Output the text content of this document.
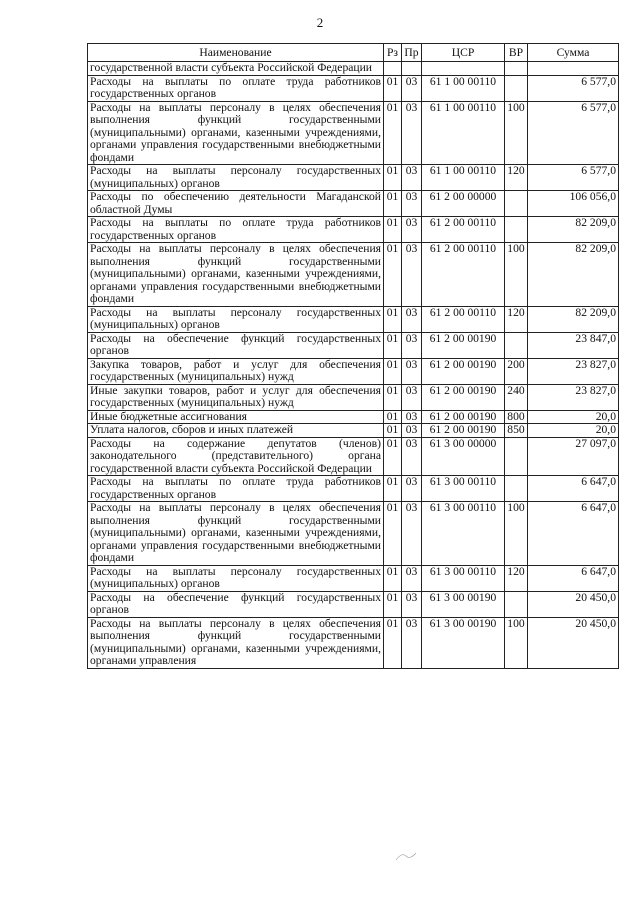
2
Наименование	Рз	Пр	ЦСР	ВР	Сумма
государственной власти субъекта Российской Федерации					
Расходы на выплаты по оплате труда работников государственных органов	01	03	61 1 00 00110		6 577,0
Расходы на выплаты персоналу в целях обеспечения выполнения функций государственными (муниципальными) органами, казенными учреждениями, органами управления государственными внебюджетными фондами	01	03	61 1 00 00110	100	6 577,0
Расходы на выплаты персоналу государственных (муниципальных) органов	01	03	61 1 00 00110	120	6 577,0
Расходы по обеспечению деятельности Магаданской областной Думы	01	03	61 2 00 00000		106 056,0
Расходы на выплаты по оплате труда работников государственных органов	01	03	61 2 00 00110		82 209,0
Расходы на выплаты персоналу в целях обеспечения выполнения функций государственными (муниципальными) органами, казенными учреждениями, органами управления государственными внебюджетными фондами	01	03	61 2 00 00110	100	82 209,0
Расходы на выплаты персоналу государственных (муниципальных) органов	01	03	61 2 00 00110	120	82 209,0
Расходы на обеспечение функций государственных органов	01	03	61 2 00 00190		23 847,0
Закупка товаров, работ и услуг для обеспечения государственных (муниципальных) нужд	01	03	61 2 00 00190	200	23 827,0
Иные закупки товаров, работ и услуг для обеспечения государственных (муниципальных) нужд	01	03	61 2 00 00190	240	23 827,0
Иные бюджетные ассигнования	01	03	61 2 00 00190	800	20,0
Уплата налогов, сборов и иных платежей	01	03	61 2 00 00190	850	20,0
Расходы на содержание депутатов (членов) законодательного (представительного) органа государственной власти субъекта Российской Федерации	01	03	61 3 00 00000		27 097,0
Расходы на выплаты по оплате труда работников государственных органов	01	03	61 3 00 00110		6 647,0
Расходы на выплаты персоналу в целях обеспечения выполнения функций государственными (муниципальными) органами, казенными учреждениями, органами управления государственными внебюджетными фондами	01	03	61 3 00 00110	100	6 647,0
Расходы на выплаты персоналу государственных (муниципальных) органов	01	03	61 3 00 00110	120	6 647,0
Расходы на обеспечение функций государственных органов	01	03	61 3 00 00190		20 450,0
Расходы на выплаты персоналу в целях обеспечения выполнения функций государственными (муниципальными) органами, казенными учреждениями, органами управления	01	03	61 3 00 00190	100	20 450,0
